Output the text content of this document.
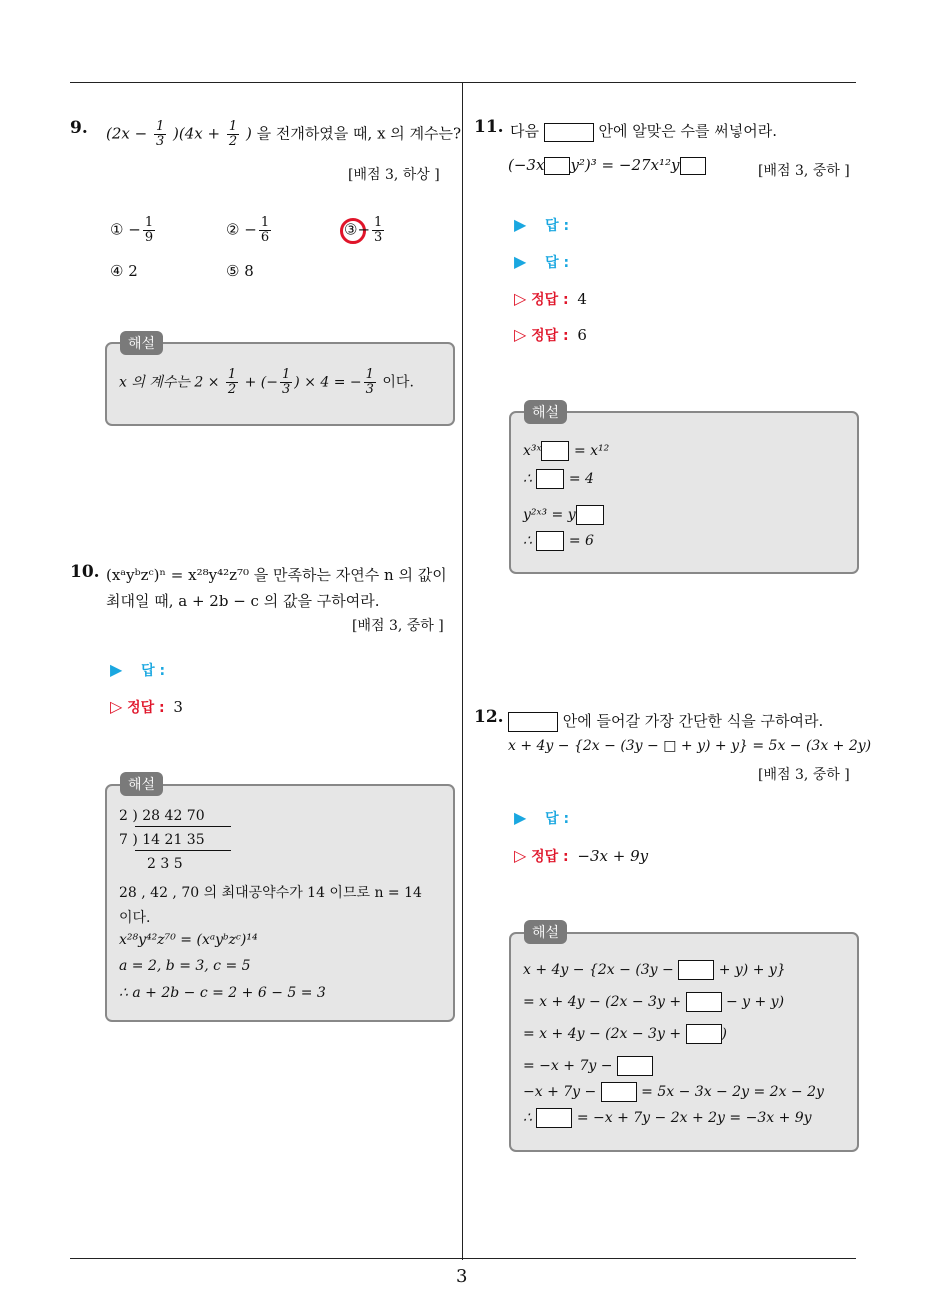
3
9. $(2x - \frac{1}{3} )(4x + \frac{1}{2}$ ) 을 전개하였을 때, x 의 계수는?
[배점 3, 하상 ]
① − $\frac{1}{9}$	② − $\frac{1}{6}$	③− $\frac{1}{3}$
④ 2	⑤ 8
x 의 계수는 $2 \times \frac{1}{2}$ + (− $\frac{1}{3}$ ) × 4 = − $\frac{1}{3}$ 이다.
해설
10. (xᵃyᵇzᶜ)ⁿ = x²⁸y⁴²z⁷⁰ 을 만족하는 자연수 n 의 값이
최대일 때, a + 2b − c 의 값을 구하여라.
[배점 3, 중하 ]
▶ 답 :
▷ 정답 : 3
2 ) 28 42 70
7 ) 14 21 35
2 3 5
28 , 42 , 70 의 최대공약수가 14 이므로 n = 14
이다.
x²⁸y⁴²z⁷⁰ = (xᵃyᵇzᶜ)¹⁴
a = 2, b = 3, c = 5
∴ a + 2b − c = 2 + 6 − 5 = 3
해설
11. 다음	안에 알맞은 수를 써넣어라.
(−3x y²)³ = −27x¹²y	[배점 3, 중하 ]
▶ 답 :
▶ 답 :
▷ 정답 : 4
▷ 정답 : 6
x³ˣ = x¹²
∴	= 4
y²ˣ³ = y
∴	= 6
해설
12.	안에 들어갈 가장 간단한 식을 구하여라.
x + 4y − {2x − (3y − □ + y) + y} = 5x − (3x + 2y)
[배점 3, 중하 ]
▶ 답 :
▷ 정답 : −3x + 9y
x + 4y − {2x − (3y −	+ y) + y}
= x + 4y − (2x − 3y +	− y + y)
= x + 4y − (2x − 3y +	)
= −x + 7y −
−x + 7y −	= 5x − 3x − 2y = 2x − 2y
∴	= −x + 7y − 2x + 2y = −3x + 9y
해설
